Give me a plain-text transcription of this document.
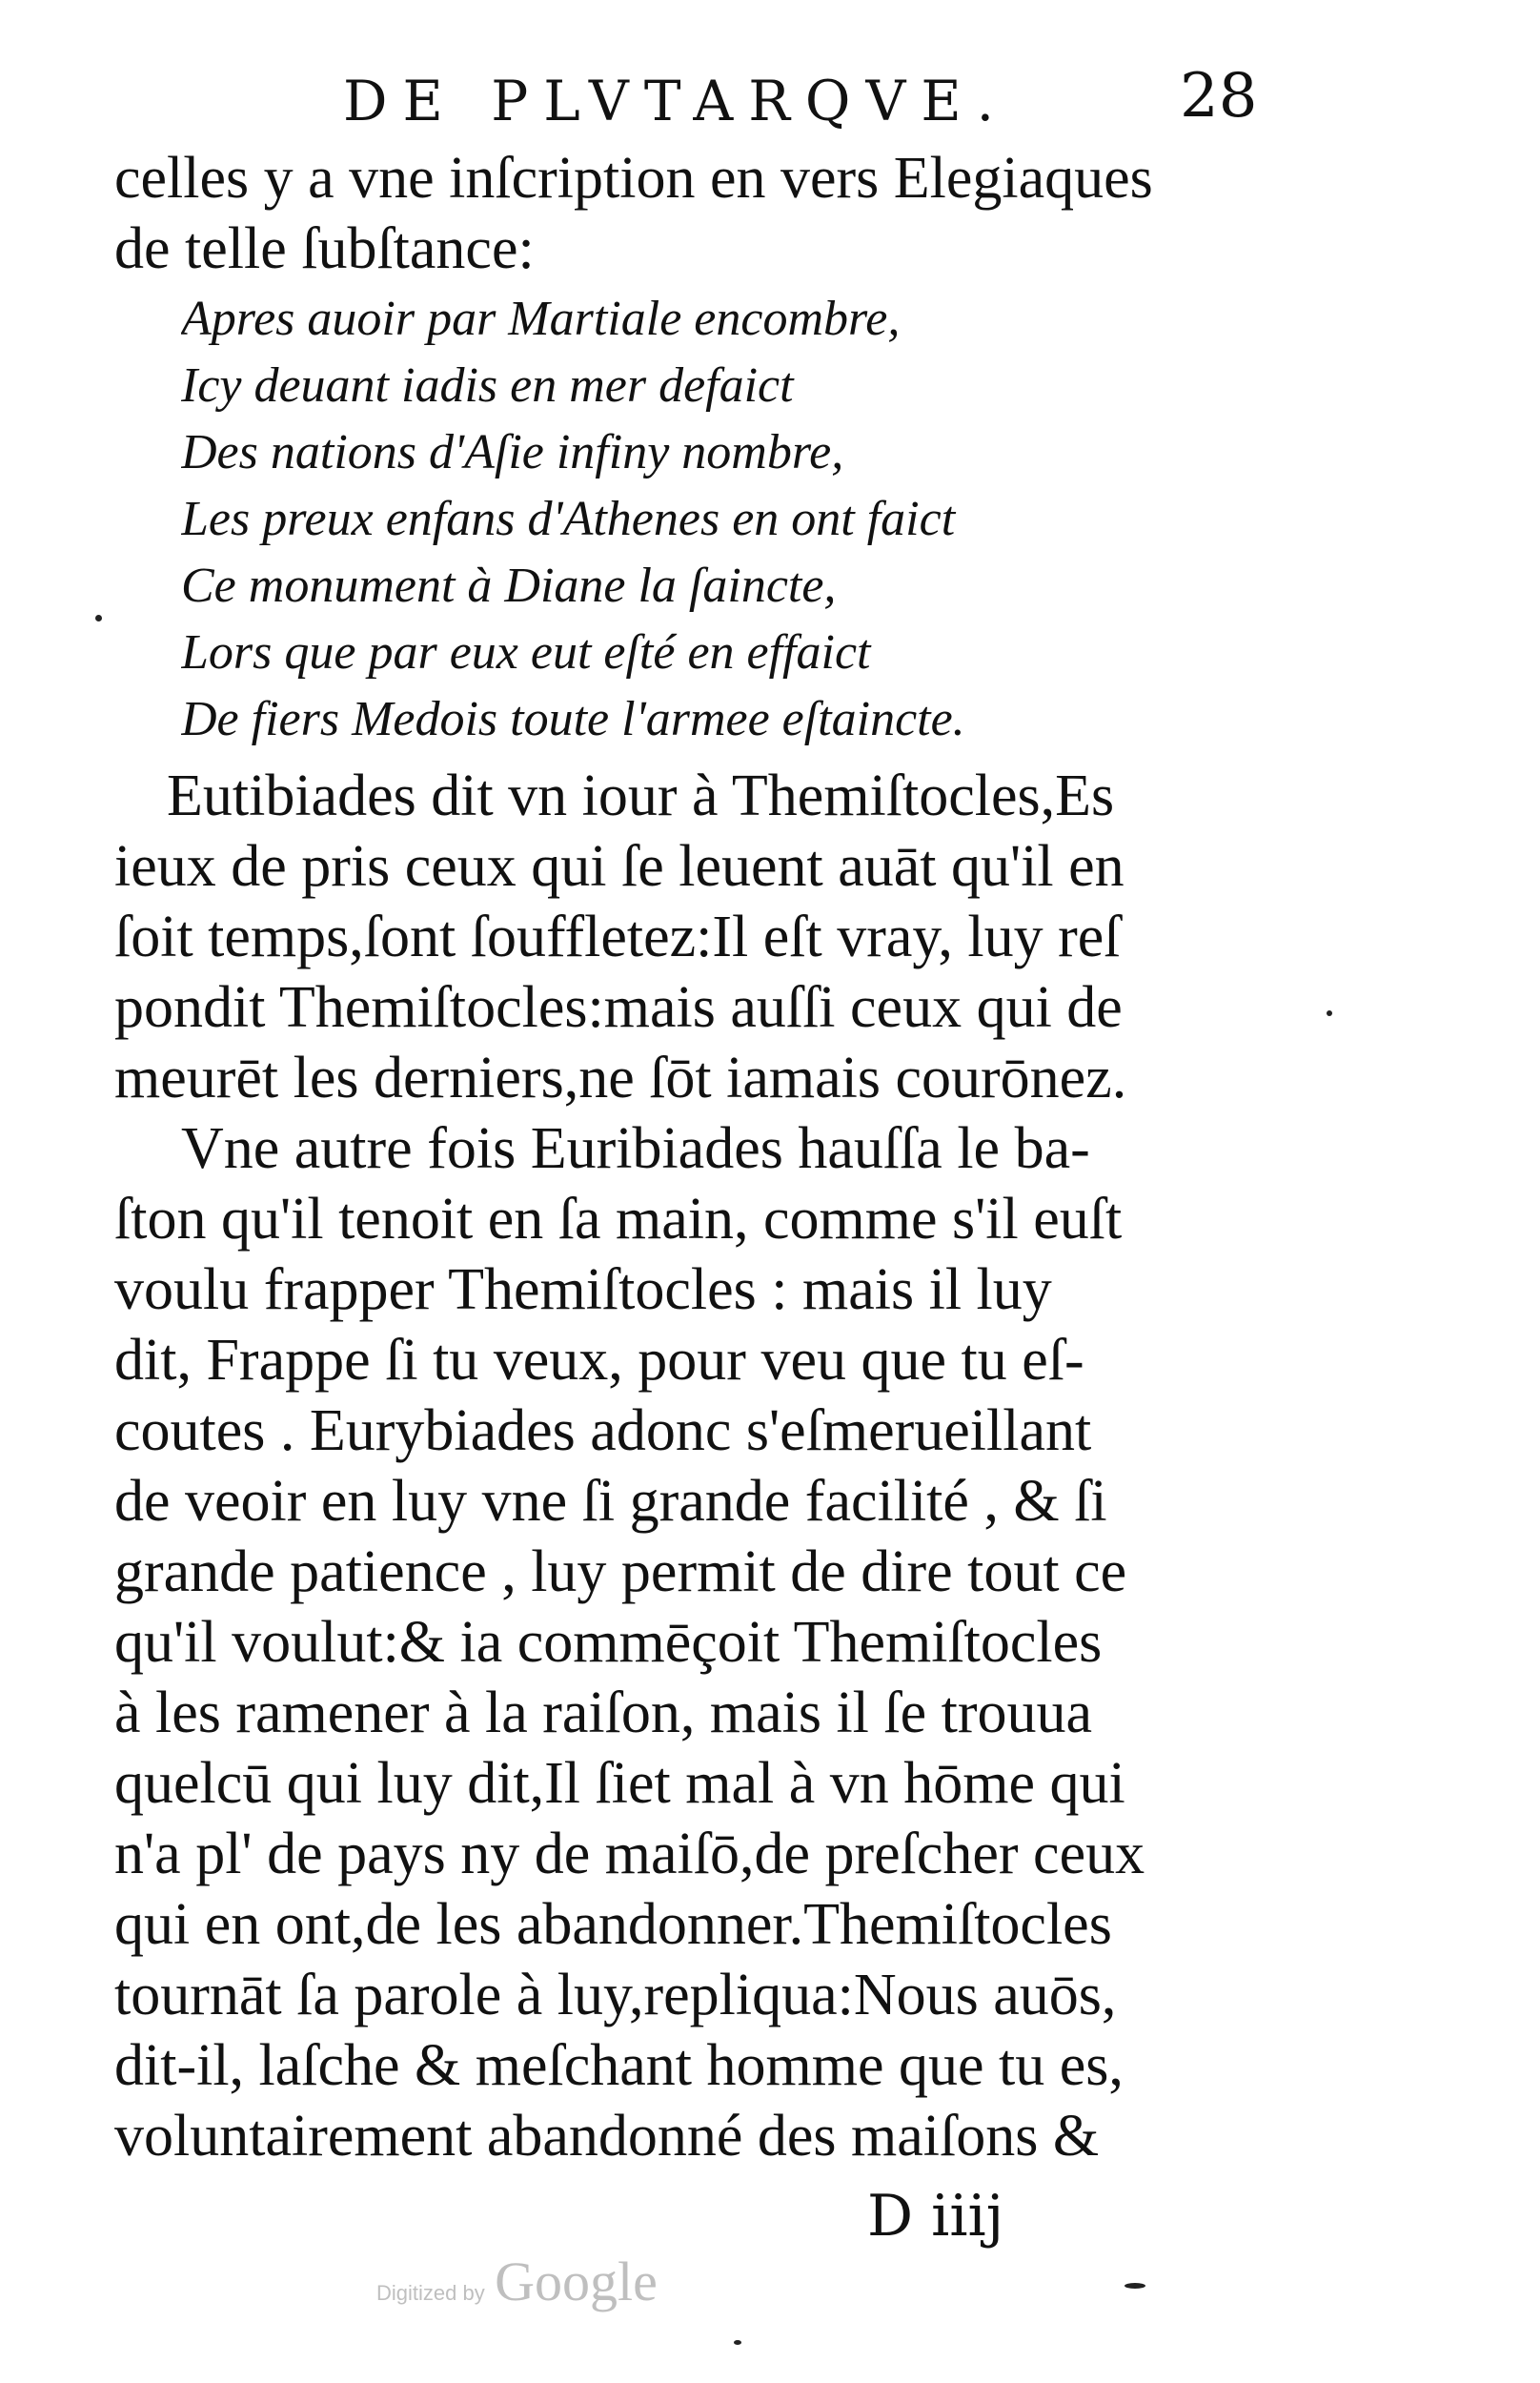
DE PLVTARQVE.	28
celles y a vne inſcription en vers Elegiaques
de telle ſubſtance:
Apres auoir par Martiale encombre,
Icy deuant iadis en mer defaict
Des nations d'Aſie infiny nombre,
Les preux enfans d'Athenes en ont faict
Ce monument à Diane la ſaincte,
Lors que par eux eut eſté en effaict
De fiers Medois toute l'armee eſtaincte.
Eutibiades dit vn iour à Themiſtocles,Es
ieux de pris ceux qui ſe leuent auāt qu'il en
ſoit temps,ſont ſouffletez:Il eſt vray, luy reſ
pondit Themiſtocles:mais auſſi ceux qui de
meurēt les derniers,ne ſōt iamais courōnez.
Vne autre fois Euribiades hauſſa le ba-
ſton qu'il tenoit en ſa main, comme s'il euſt
voulu frapper Themiſtocles : mais il luy
dit, Frappe ſi tu veux, pour veu que tu eſ-
coutes . Eurybiades adonc s'eſmerueillant
de veoir en luy vne ſi grande facilité , & ſi
grande patience , luy permit de dire tout ce
qu'il voulut:& ia commēçoit Themiſtocles
à les ramener à la raiſon, mais il ſe trouua
quelcū qui luy dit,Il ſiet mal à vn hōme qui
n'a pl' de pays ny de maiſō,de preſcher ceux
qui en ont,de les abandonner.Themiſtocles
tournāt ſa parole à luy,repliqua:Nous auōs,
dit-il, laſche & meſchant homme que tu es,
voluntairement abandonné des maiſons &
D iiij
Digitized by Google
